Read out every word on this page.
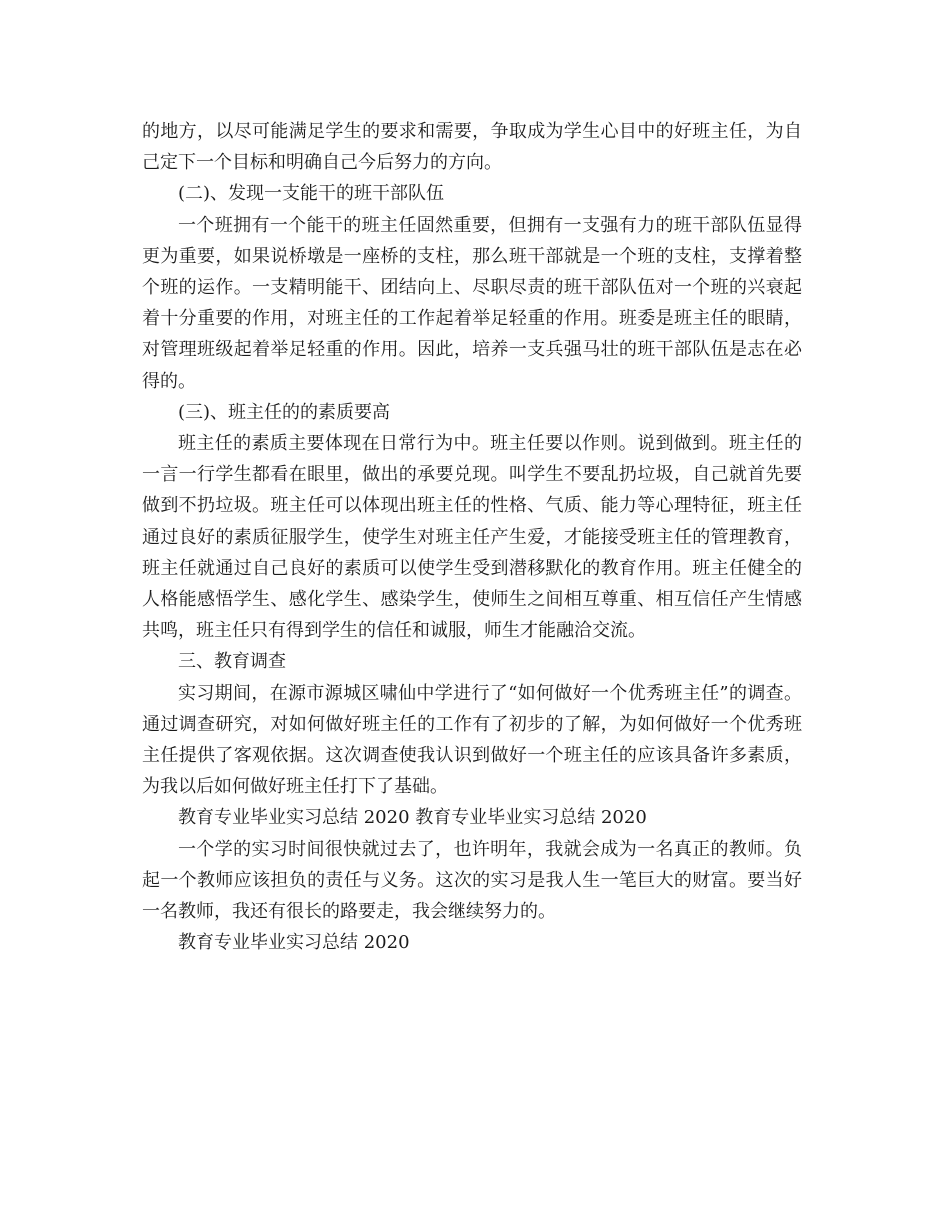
的地方，以尽可能满足学生的要求和需要，争取成为学生心目中的好班主任，为自己定下一个目标和明确自己今后努力的方向。

(二)、发现一支能干的班干部队伍

一个班拥有一个能干的班主任固然重要，但拥有一支强有力的班干部队伍显得更为重要，如果说桥墩是一座桥的支柱，那么班干部就是一个班的支柱，支撑着整个班的运作。一支精明能干、团结向上、尽职尽责的班干部队伍对一个班的兴衰起着十分重要的作用，对班主任的工作起着举足轻重的作用。班委是班主任的眼睛，对管理班级起着举足轻重的作用。因此，培养一支兵强马壮的班干部队伍是志在必得的。

(三)、班主任的的素质要高

班主任的素质主要体现在日常行为中。班主任要以作则。说到做到。班主任的一言一行学生都看在眼里，做出的承要兑现。叫学生不要乱扔垃圾，自己就首先要做到不扔垃圾。班主任可以体现出班主任的性格、气质、能力等心理特征，班主任通过良好的素质征服学生，使学生对班主任产生爱，才能接受班主任的管理教育，班主任就通过自己良好的素质可以使学生受到潜移默化的教育作用。班主任健全的人格能感悟学生、感化学生、感染学生，使师生之间相互尊重、相互信任产生情感共鸣，班主任只有得到学生的信任和诚服，师生才能融洽交流。

三、教育调查

实习期间，在源市源城区啸仙中学进行了“如何做好一个优秀班主任”的调查。通过调查研究，对如何做好班主任的工作有了初步的了解，为如何做好一个优秀班主任提供了客观依据。这次调查使我认识到做好一个班主任的应该具备许多素质，为我以后如何做好班主任打下了基础。

教育专业毕业实习总结 2020 教育专业毕业实习总结 2020

一个学的实习时间很快就过去了，也许明年，我就会成为一名真正的教师。负起一个教师应该担负的责任与义务。这次的实习是我人生一笔巨大的财富。要当好一名教师，我还有很长的路要走，我会继续努力的。

教育专业毕业实习总结 2020
